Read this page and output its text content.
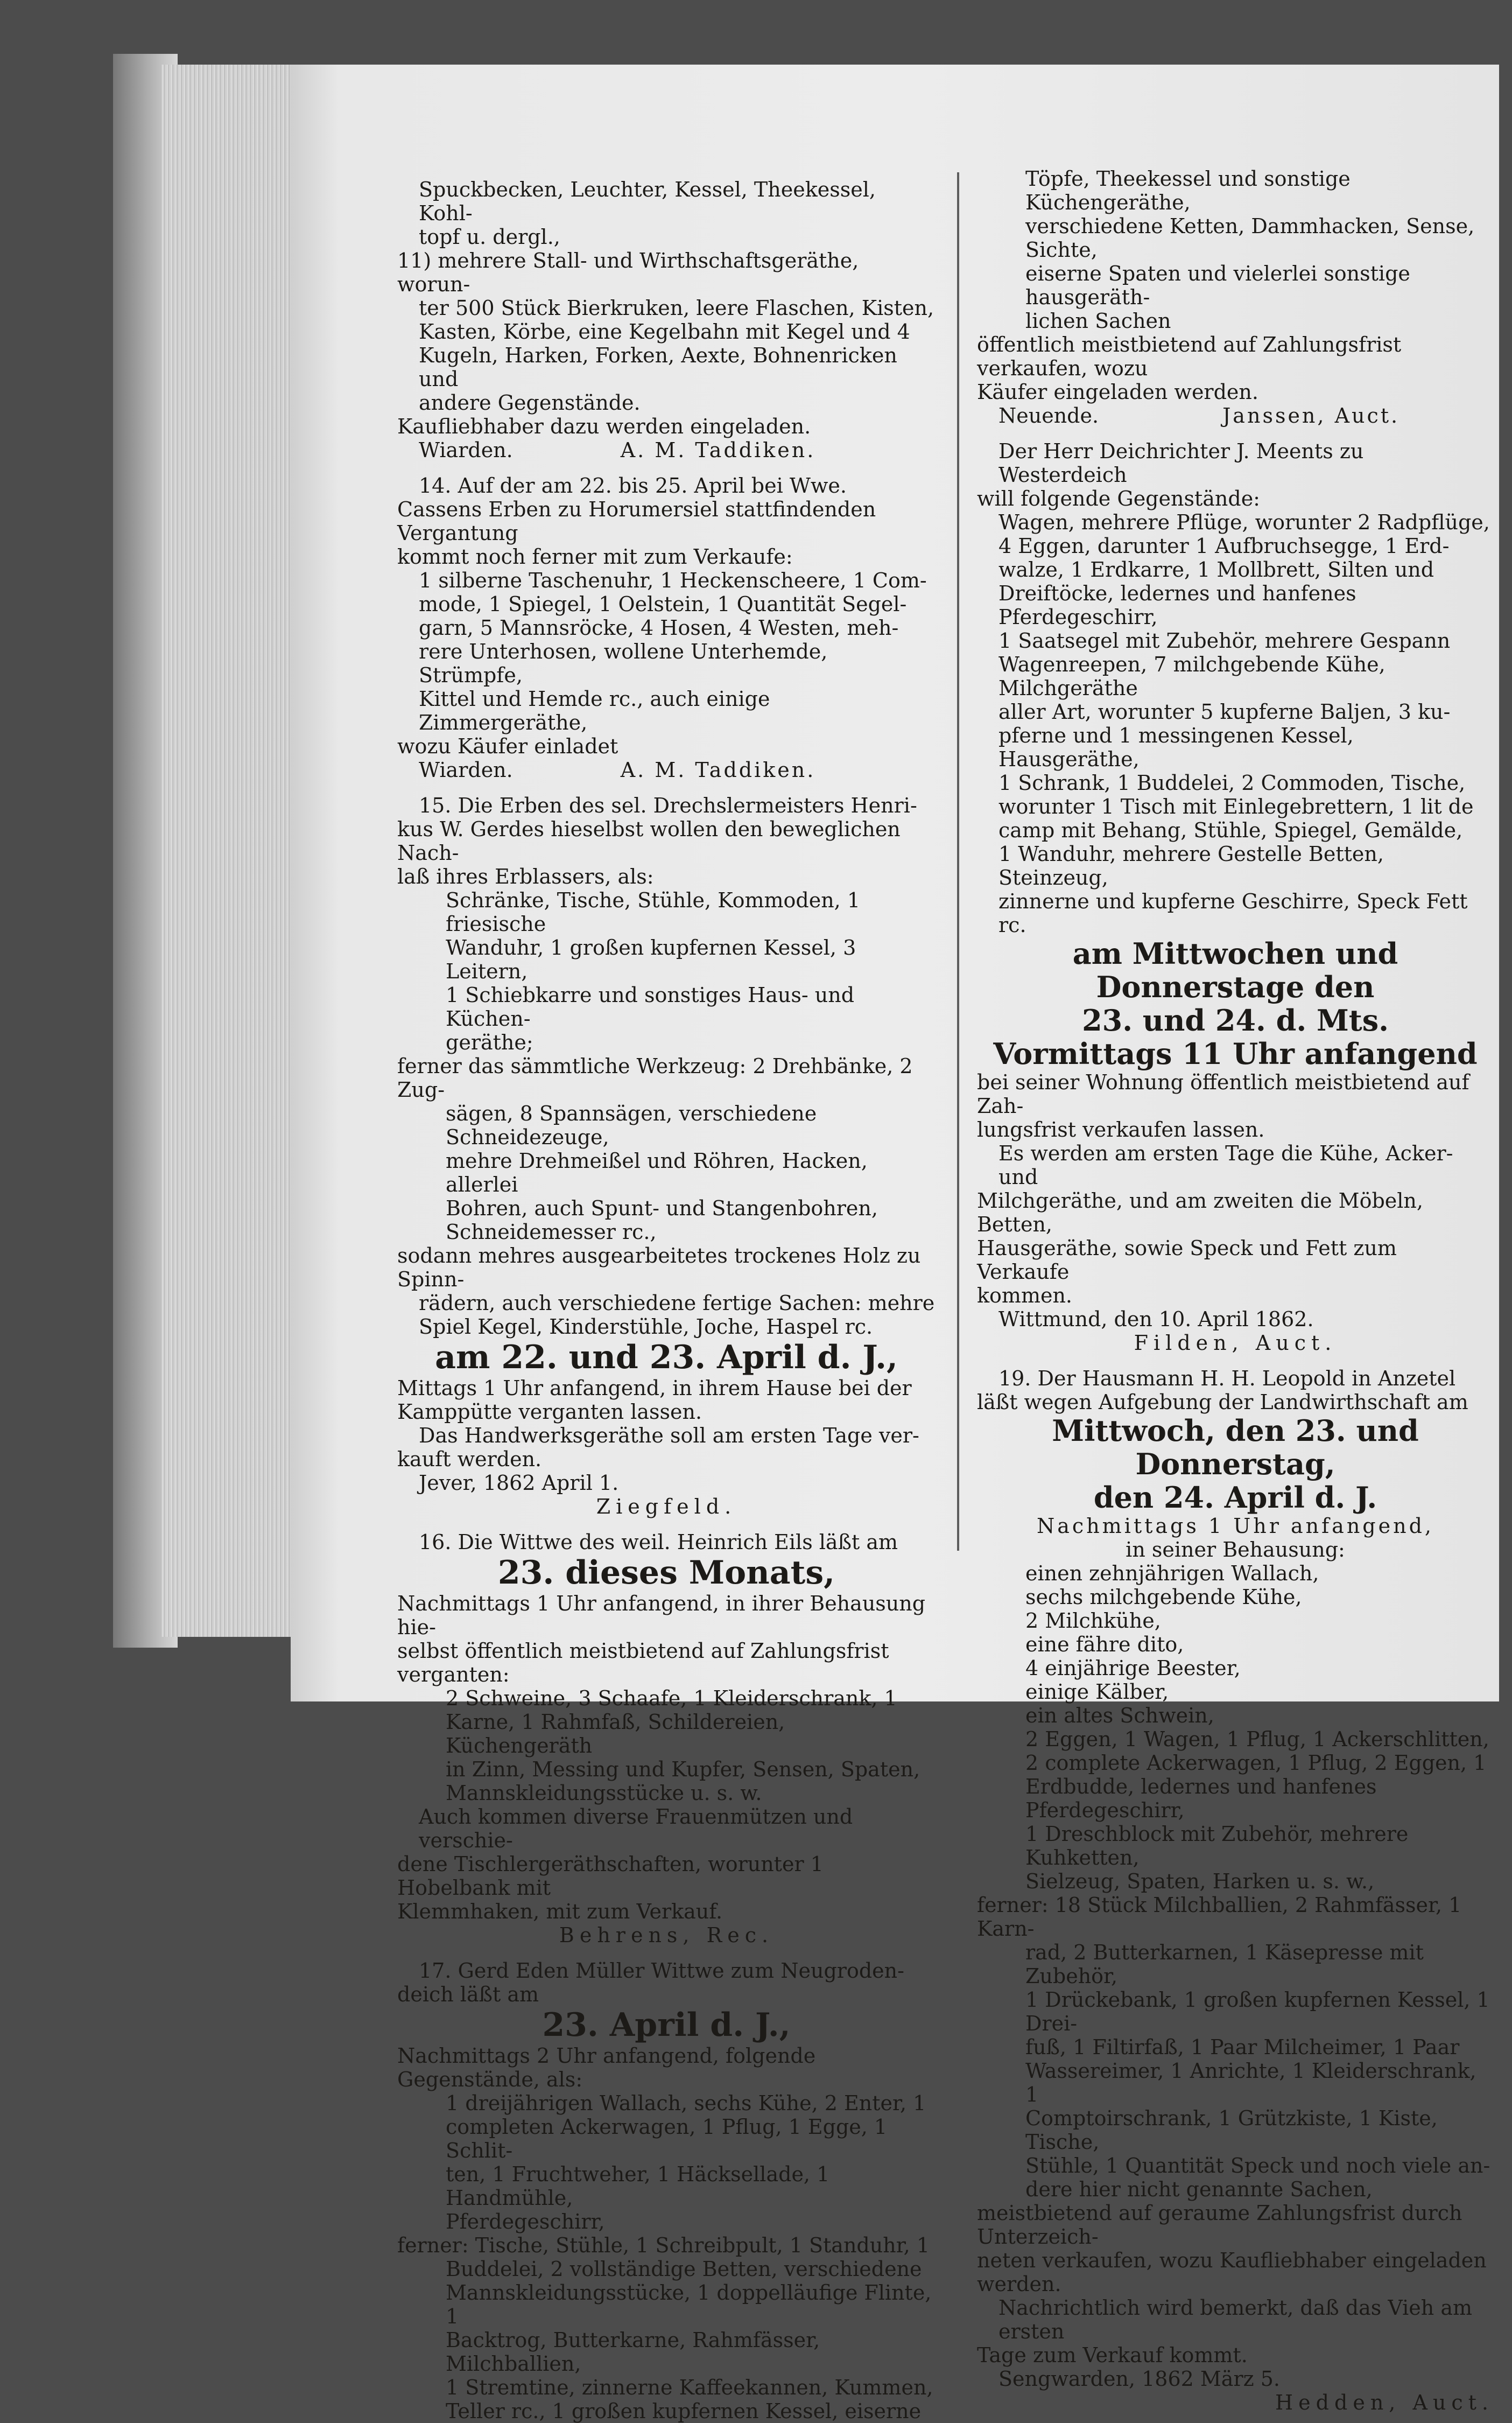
Spuckbecken, Leuchter, Kessel, Theekessel, Kohl-

topf u. dergl.,

11) mehrere Stall- und Wirthschaftsgeräthe, worun-

ter 500 Stück Bierkruken, leere Flaschen, Kisten,

Kasten, Körbe, eine Kegelbahn mit Kegel und 4

Kugeln, Harken, Forken, Aexte, Bohnenricken und

andere Gegenstände.

Kaufliebhaber dazu werden eingeladen.

Wiarden.	A. M. Taddiken.

14. Auf der am 22. bis 25. April bei Wwe.

Cassens Erben zu Horumersiel stattfindenden Vergantung

kommt noch ferner mit zum Verkaufe:

1 silberne Taschenuhr, 1 Heckenscheere, 1 Com-

mode, 1 Spiegel, 1 Oelstein, 1 Quantität Segel-

garn, 5 Mannsröcke, 4 Hosen, 4 Westen, meh-

rere Unterhosen, wollene Unterhemde, Strümpfe,

Kittel und Hemde rc., auch einige Zimmergeräthe,

wozu Käufer einladet

Wiarden.	A. M. Taddiken.

15. Die Erben des sel. Drechslermeisters Henri-

kus W. Gerdes hieselbst wollen den beweglichen Nach-

laß ihres Erblassers, als:

Schränke, Tische, Stühle, Kommoden, 1 friesische

Wanduhr, 1 großen kupfernen Kessel, 3 Leitern,

1 Schiebkarre und sonstiges Haus- und Küchen-

geräthe;

ferner das sämmtliche Werkzeug: 2 Drehbänke, 2 Zug-

sägen, 8 Spannsägen, verschiedene Schneidezeuge,

mehre Drehmeißel und Röhren, Hacken, allerlei

Bohren, auch Spunt- und Stangenbohren,

Schneidemesser rc.,

sodann mehres ausgearbeitetes trockenes Holz zu Spinn-

rädern, auch verschiedene fertige Sachen: mehre

Spiel Kegel, Kinderstühle, Joche, Haspel rc.

am 22. und 23. April d. J.,

Mittags 1 Uhr anfangend, in ihrem Hause bei der

Kamppütte verganten lassen.

Das Handwerksgeräthe soll am ersten Tage ver-

kauft werden.

Jever, 1862 April 1.

Ziegfeld.

16. Die Wittwe des weil. Heinrich Eils läßt am

23. dieses Monats,

Nachmittags 1 Uhr anfangend, in ihrer Behausung hie-

selbst öffentlich meistbietend auf Zahlungsfrist verganten:

2 Schweine, 3 Schaafe, 1 Kleiderschrank, 1

Karne, 1 Rahmfaß, Schildereien, Küchengeräth

in Zinn, Messing und Kupfer, Sensen, Spaten,

Mannskleidungsstücke u. s. w.

Auch kommen diverse Frauenmützen und verschie-

dene Tischlergeräthschaften, worunter 1 Hobelbank mit

Klemmhaken, mit zum Verkauf.

Behrens, Rec.

17. Gerd Eden Müller Wittwe zum Neugroden-

deich läßt am

23. April d. J.,

Nachmittags 2 Uhr anfangend, folgende Gegenstände, als:

1 dreijährigen Wallach, sechs Kühe, 2 Enter, 1

completen Ackerwagen, 1 Pflug, 1 Egge, 1 Schlit-

ten, 1 Fruchtweher, 1 Häcksellade, 1 Handmühle,

Pferdegeschirr,

ferner: Tische, Stühle, 1 Schreibpult, 1 Standuhr, 1

Buddelei, 2 vollständige Betten, verschiedene

Mannskleidungsstücke, 1 doppelläufige Flinte, 1

Backtrog, Butterkarne, Rahmfässer, Milchballien,

1 Stremtine, zinnerne Kaffeekannen, Kummen,

Teller rc., 1 großen kupfernen Kessel, eiserne

Töpfe, Theekessel und sonstige Küchengeräthe,

verschiedene Ketten, Dammhacken, Sense, Sichte,

eiserne Spaten und vielerlei sonstige hausgeräth-

lichen Sachen

öffentlich meistbietend auf Zahlungsfrist verkaufen, wozu

Käufer eingeladen werden.

Neuende.	Janssen, Auct.

Der Herr Deichrichter J. Meents zu Westerdeich

will folgende Gegenstände:

Wagen, mehrere Pflüge, worunter 2 Radpflüge,

4 Eggen, darunter 1 Aufbruchsegge, 1 Erd-

walze, 1 Erdkarre, 1 Mollbrett, Silten und

Dreiftöcke, ledernes und hanfenes Pferdegeschirr,

1 Saatsegel mit Zubehör, mehrere Gespann

Wagenreepen, 7 milchgebende Kühe, Milchgeräthe

aller Art, worunter 5 kupferne Baljen, 3 ku-

pferne und 1 messingenen Kessel, Hausgeräthe,

1 Schrank, 1 Buddelei, 2 Commoden, Tische,

worunter 1 Tisch mit Einlegebrettern, 1 lit de

camp mit Behang, Stühle, Spiegel, Gemälde,

1 Wanduhr, mehrere Gestelle Betten, Steinzeug,

zinnerne und kupferne Geschirre, Speck Fett rc.

am Mittwochen und Donnerstage den

23. und 24. d. Mts.

Vormittags 11 Uhr anfangend

bei seiner Wohnung öffentlich meistbietend auf Zah-

lungsfrist verkaufen lassen.

Es werden am ersten Tage die Kühe, Acker- und

Milchgeräthe, und am zweiten die Möbeln, Betten,

Hausgeräthe, sowie Speck und Fett zum Verkaufe

kommen.

Wittmund, den 10. April 1862.

Filden, Auct.

19. Der Hausmann H. H. Leopold in Anzetel

läßt wegen Aufgebung der Landwirthschaft am

Mittwoch, den 23. und Donnerstag,

den 24. April d. J.

Nachmittags 1 Uhr anfangend,

in seiner Behausung:

einen zehnjährigen Wallach,

sechs milchgebende Kühe,

2 Milchkühe,

eine fähre dito,

4 einjährige Beester,

einige Kälber,

ein altes Schwein,

2 Eggen, 1 Wagen, 1 Pflug, 1 Ackerschlitten,

2 complete Ackerwagen, 1 Pflug, 2 Eggen, 1

Erdbudde, ledernes und hanfenes Pferdegeschirr,

1 Dreschblock mit Zubehör, mehrere Kuhketten,

Sielzeug, Spaten, Harken u. s. w.,

ferner: 18 Stück Milchballien, 2 Rahmfässer, 1 Karn-

rad, 2 Butterkarnen, 1 Käsepresse mit Zubehör,

1 Drückebank, 1 großen kupfernen Kessel, 1 Drei-

fuß, 1 Filtirfaß, 1 Paar Milcheimer, 1 Paar

Wassereimer, 1 Anrichte, 1 Kleiderschrank, 1

Comptoirschrank, 1 Grützkiste, 1 Kiste, Tische,

Stühle, 1 Quantität Speck und noch viele an-

dere hier nicht genannte Sachen,

meistbietend auf geraume Zahlungsfrist durch Unterzeich-

neten verkaufen, wozu Kaufliebhaber eingeladen werden.

Nachrichtlich wird bemerkt, daß das Vieh am ersten

Tage zum Verkauf kommt.

Sengwarden, 1862 März 5.

Hedden, Auct.
